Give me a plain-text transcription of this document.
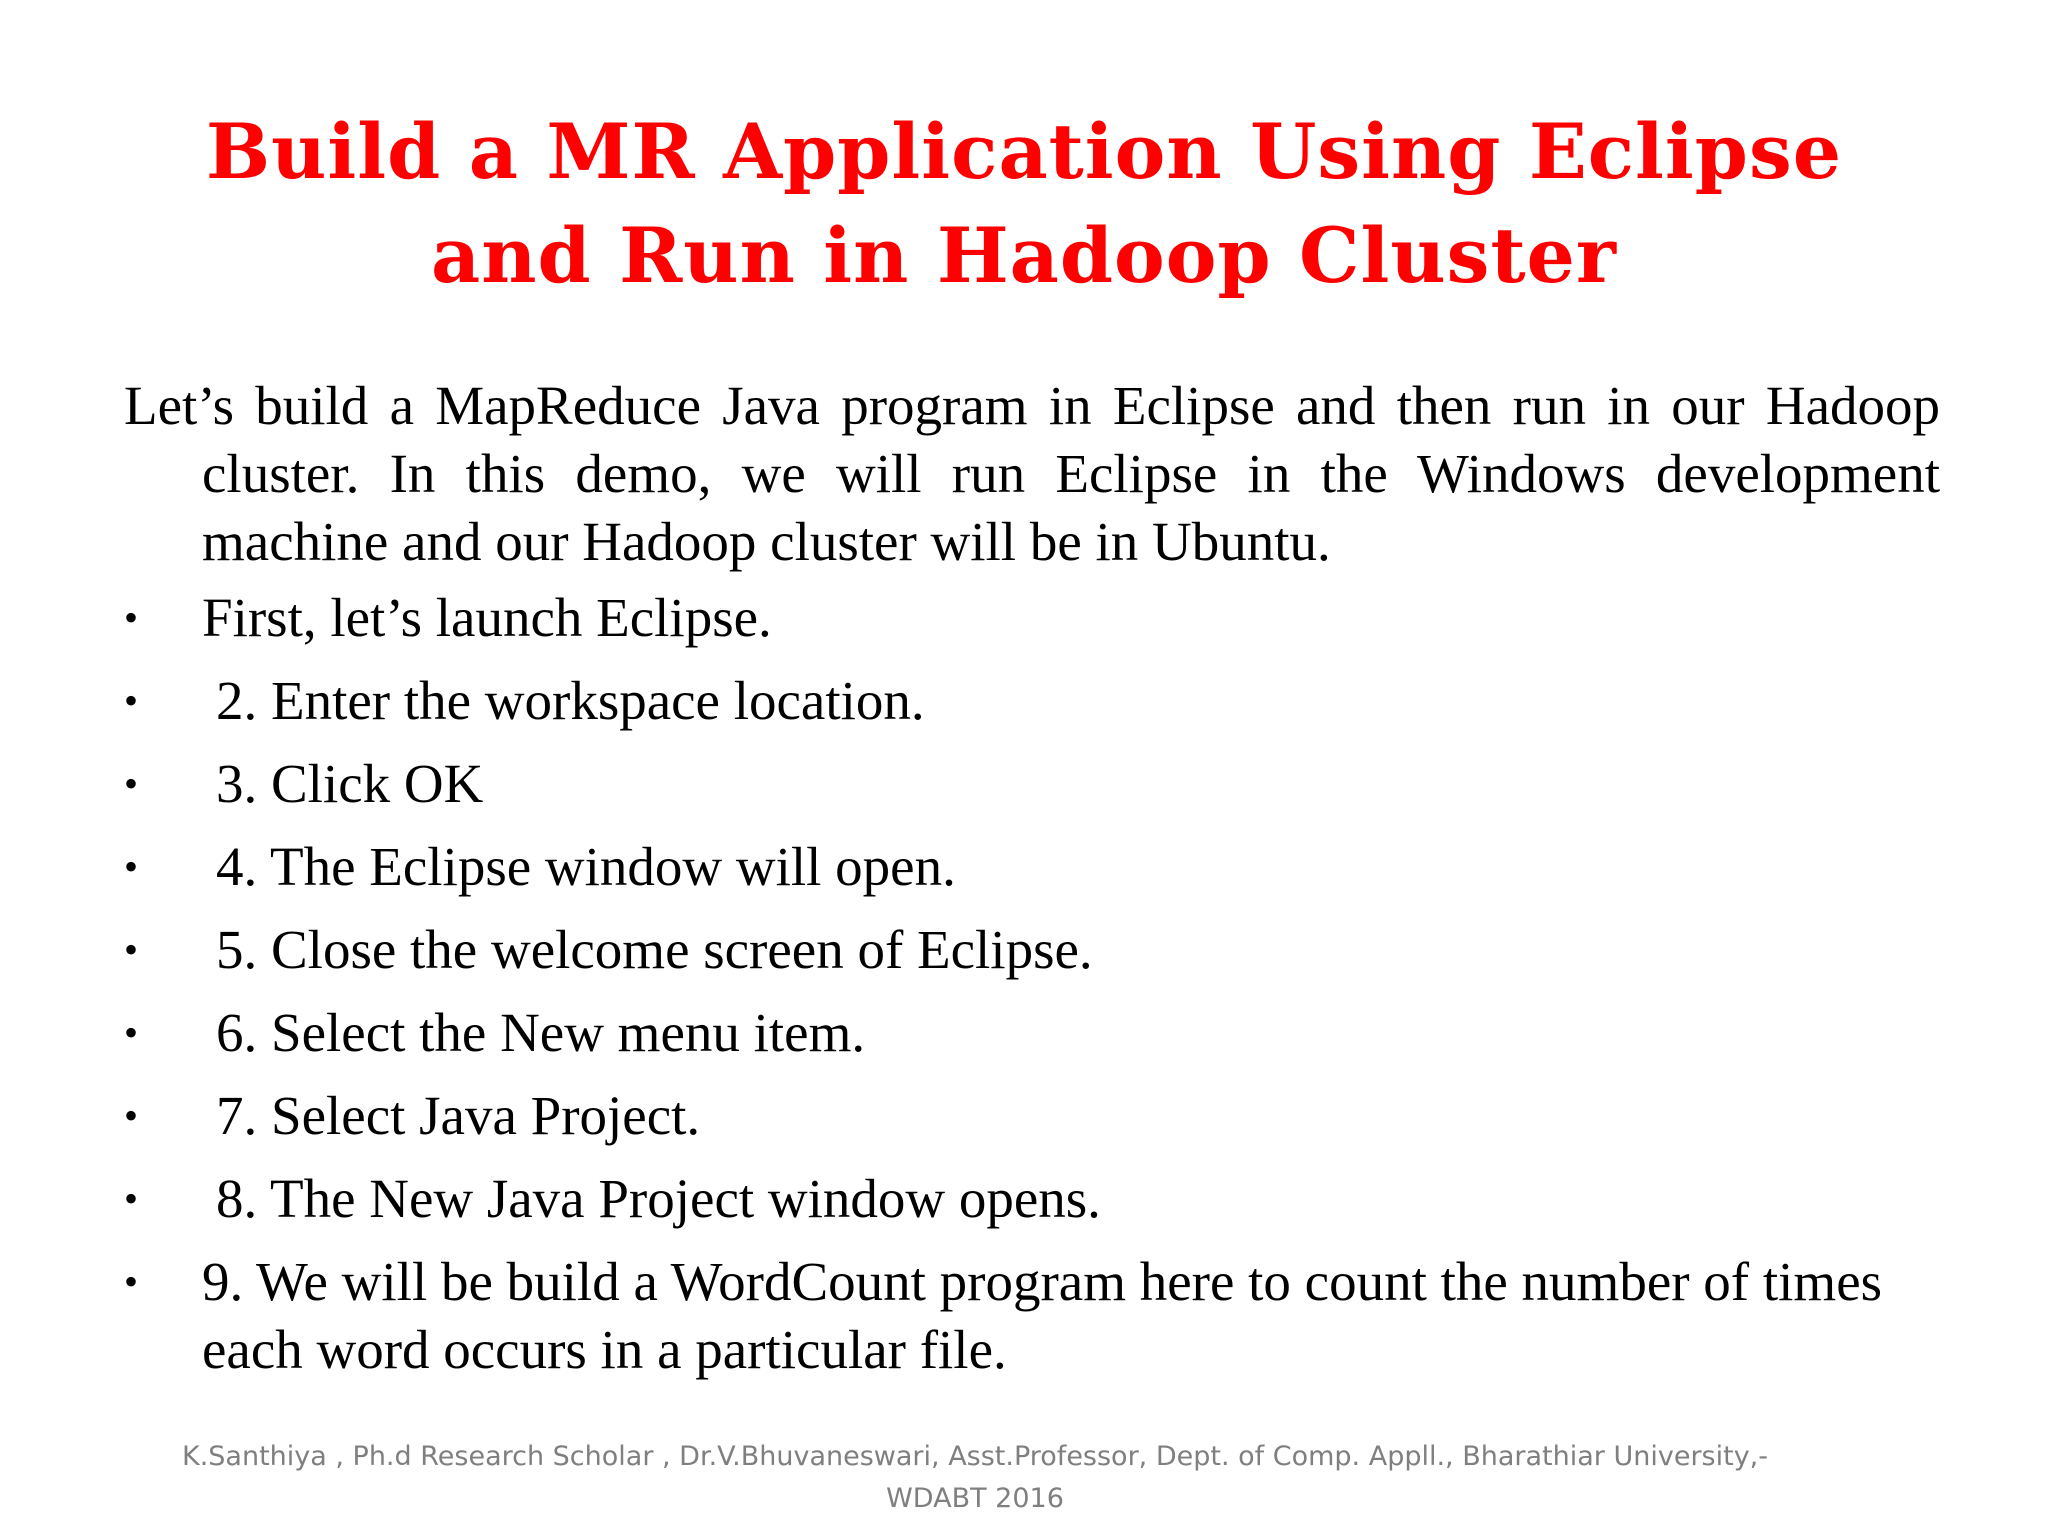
Build a MR Application Using Eclipse
and Run in Hadoop Cluster

Let’s build a MapReduce Java program in Eclipse and then run in our Hadoop cluster. In this demo, we will run Eclipse in the Windows development machine and our Hadoop cluster will be in Ubuntu.

• First, let’s launch Eclipse.
• 2. Enter the workspace location.
• 3. Click OK
• 4. The Eclipse window will open.
• 5. Close the welcome screen of Eclipse.
• 6. Select the New menu item.
• 7. Select Java Project.
• 8. The New Java Project window opens.
• 9. We will be build a WordCount program here to count the number of times each word occurs in a particular file.
K.Santhiya , Ph.d Research Scholar , Dr.V.Bhuvaneswari, Asst.Professor, Dept. of Comp. Appll., Bharathiar University,-
WDABT 2016
